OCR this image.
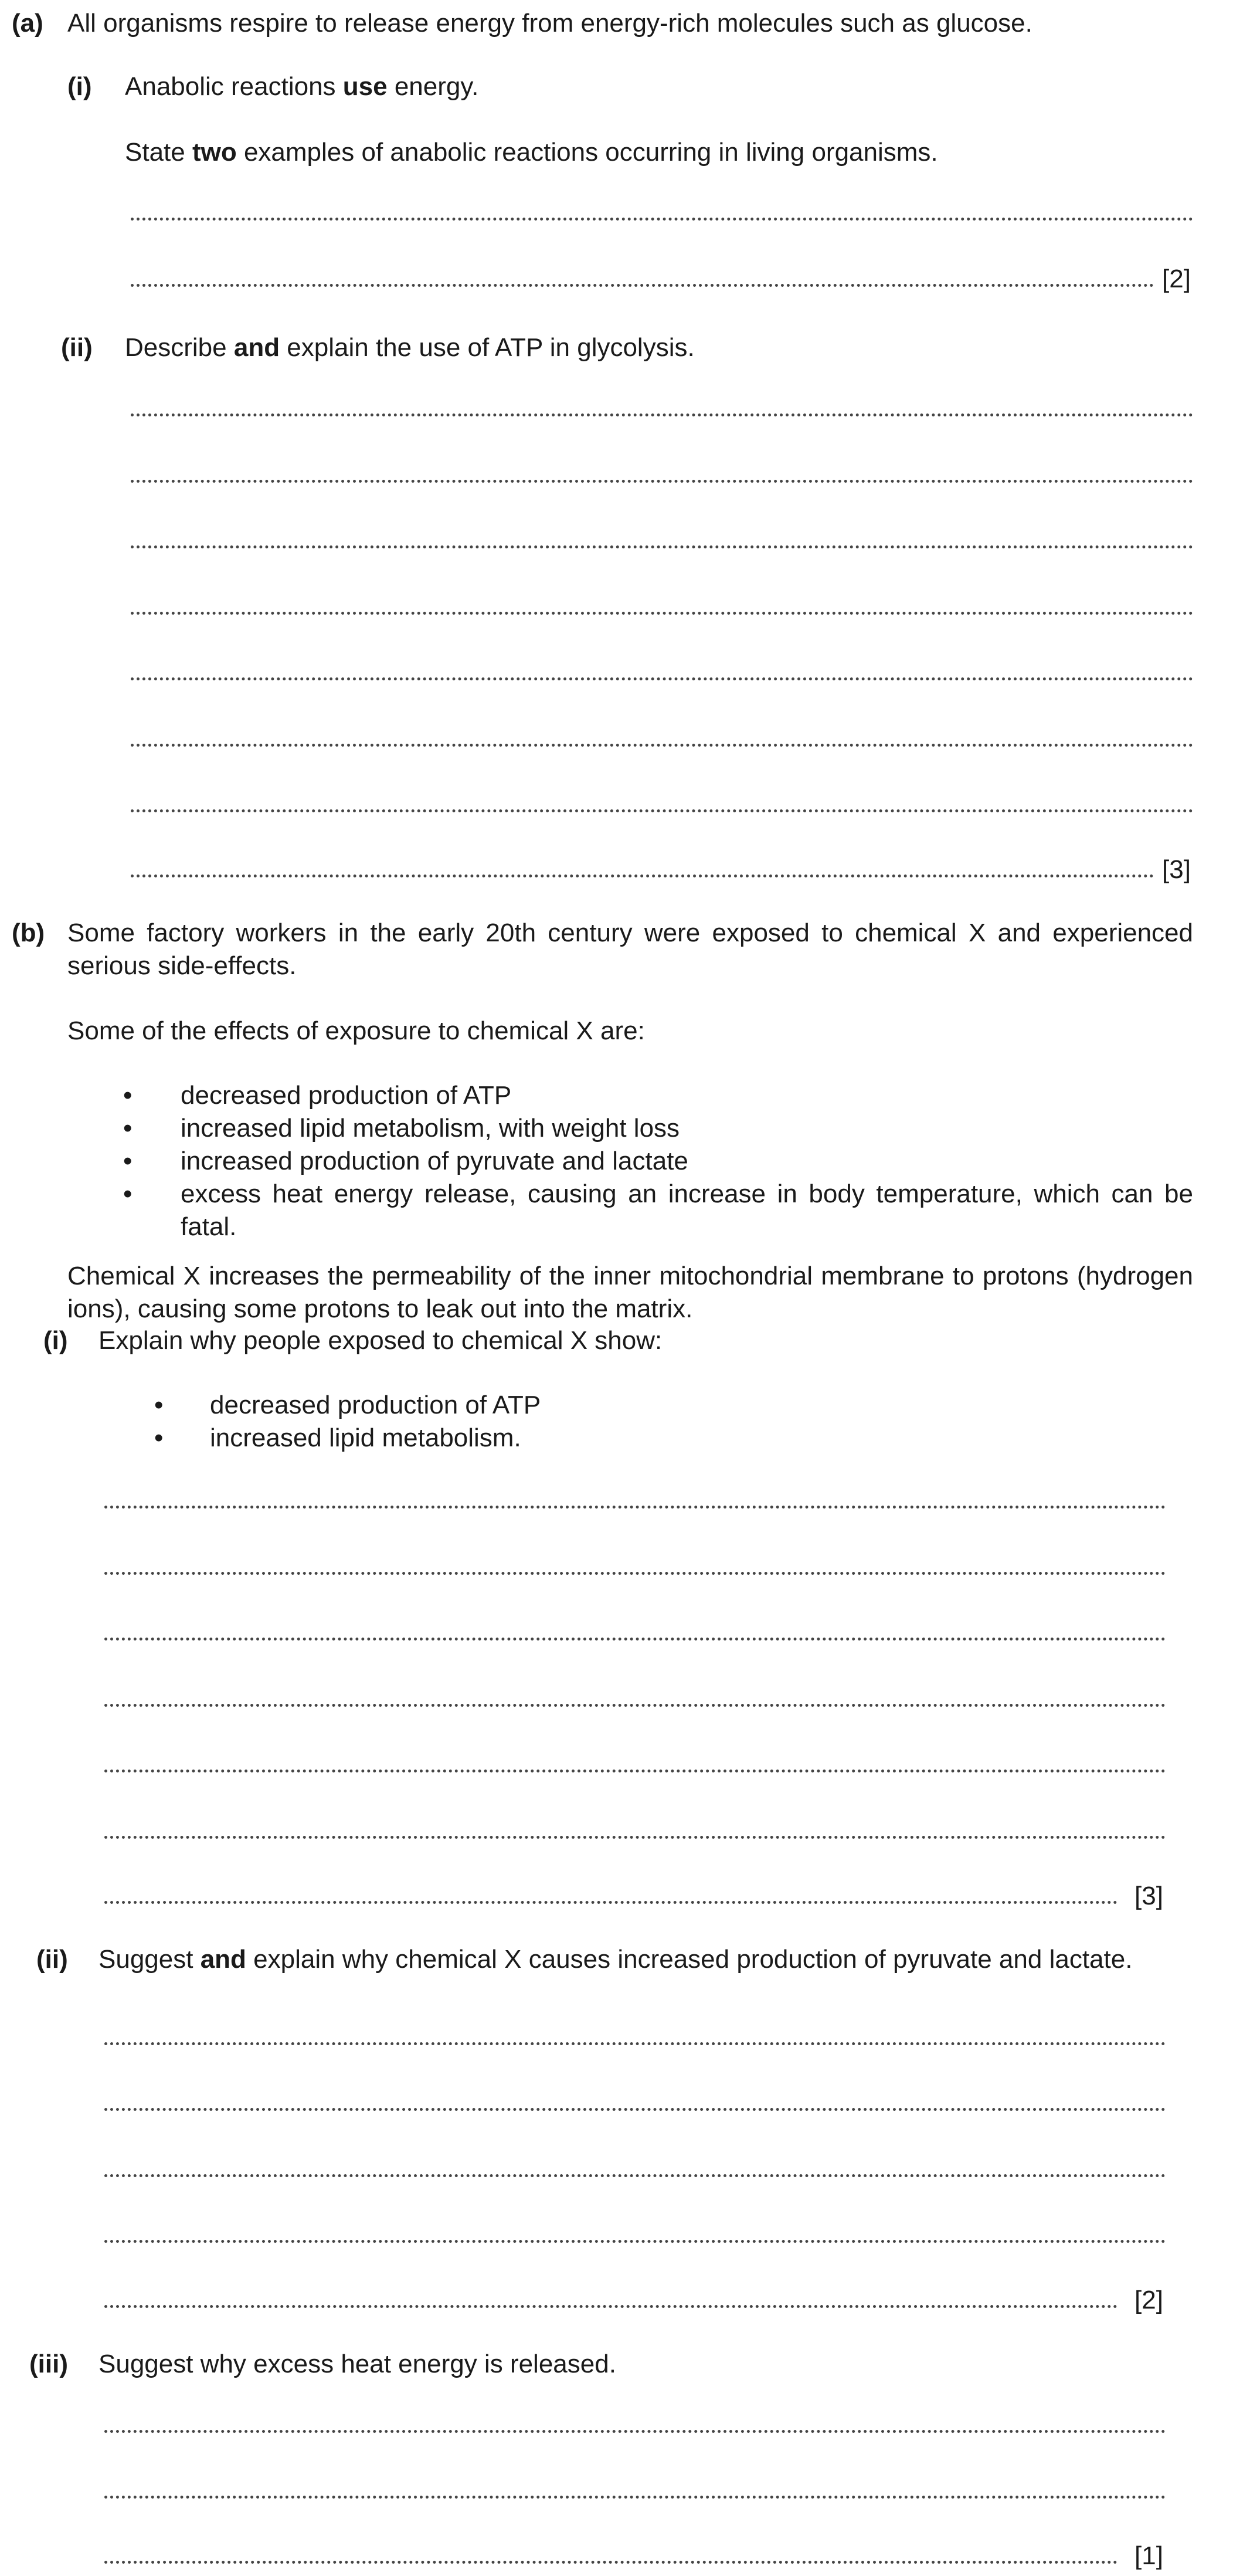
(a) All organisms respire to release energy from energy-rich molecules such as glucose.
(i) Anabolic reactions use energy.
State two examples of anabolic reactions occurring in living organisms.
[2]
(ii) Describe and explain the use of ATP in glycolysis.
[3]
(b) Some factory workers in the early 20th century were exposed to chemical X and experienced serious side-effects.
Some of the effects of exposure to chemical X are:
• decreased production of ATP
• increased lipid metabolism, with weight loss
• increased production of pyruvate and lactate
• excess heat energy release, causing an increase in body temperature, which can be fatal.
Chemical X increases the permeability of the inner mitochondrial membrane to protons (hydrogen ions), causing some protons to leak out into the matrix.
(i) Explain why people exposed to chemical X show:
• decreased production of ATP
• increased lipid metabolism.
[3]
(ii) Suggest and explain why chemical X causes increased production of pyruvate and lactate.
[2]
(iii) Suggest why excess heat energy is released.
[1]
